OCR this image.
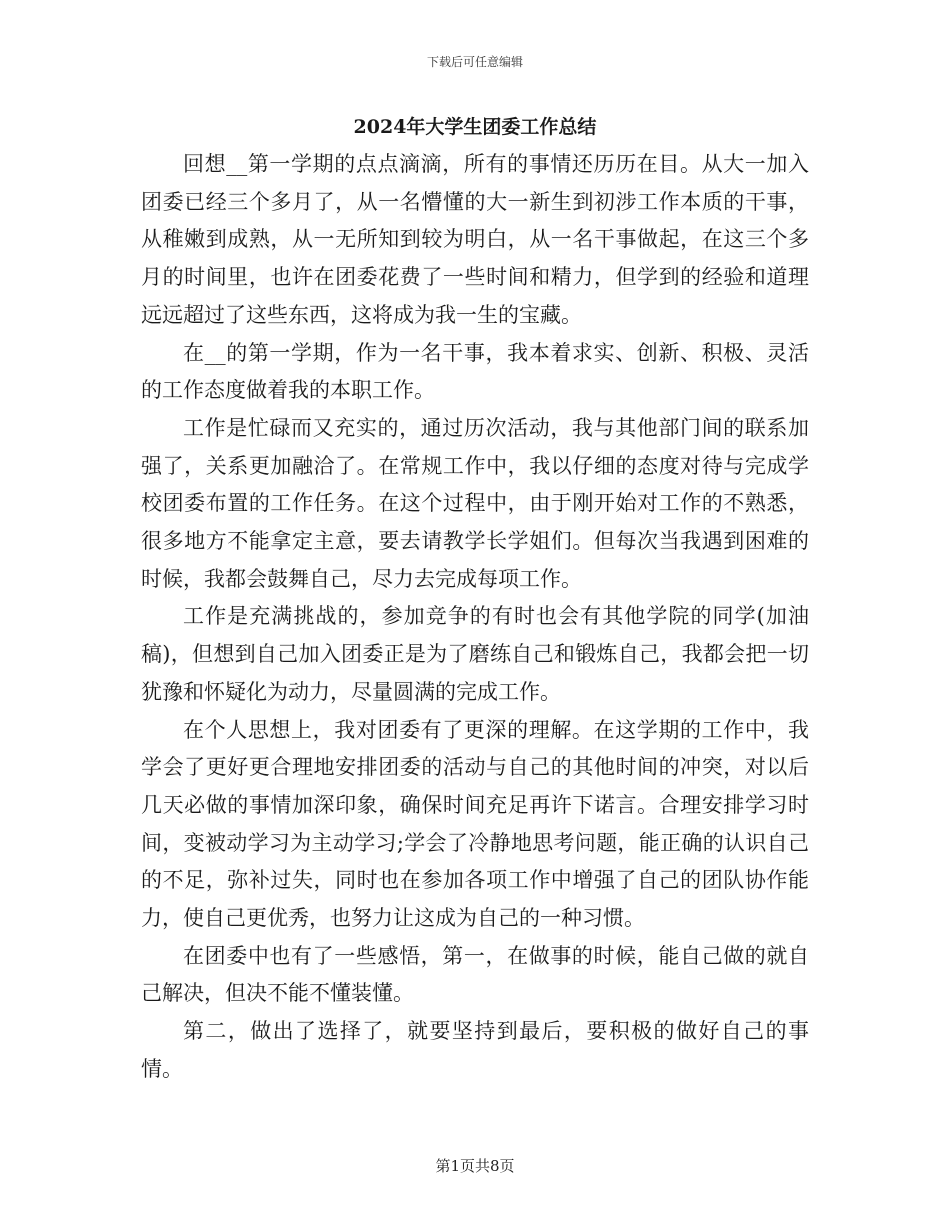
下载后可任意编辑
2024年大学生团委工作总结

回想__第一学期的点点滴滴，所有的事情还历历在目。从大一加入团委已经三个多月了，从一名懵懂的大一新生到初涉工作本质的干事，从稚嫩到成熟，从一无所知到较为明白，从一名干事做起，在这三个多月的时间里，也许在团委花费了一些时间和精力，但学到的经验和道理远远超过了这些东西，这将成为我一生的宝藏。

在__的第一学期，作为一名干事，我本着求实、创新、积极、灵活的工作态度做着我的本职工作。

工作是忙碌而又充实的，通过历次活动，我与其他部门间的联系加强了，关系更加融洽了。在常规工作中，我以仔细的态度对待与完成学校团委布置的工作任务。在这个过程中，由于刚开始对工作的不熟悉，很多地方不能拿定主意，要去请教学长学姐们。但每次当我遇到困难的时候，我都会鼓舞自己，尽力去完成每项工作。

工作是充满挑战的，参加竞争的有时也会有其他学院的同学(加油稿)，但想到自己加入团委正是为了磨练自己和锻炼自己，我都会把一切犹豫和怀疑化为动力，尽量圆满的完成工作。

在个人思想上，我对团委有了更深的理解。在这学期的工作中，我学会了更好更合理地安排团委的活动与自己的其他时间的冲突，对以后几天必做的事情加深印象，确保时间充足再许下诺言。合理安排学习时间，变被动学习为主动学习;学会了冷静地思考问题，能正确的认识自己的不足，弥补过失，同时也在参加各项工作中增强了自己的团队协作能力，使自己更优秀，也努力让这成为自己的一种习惯。

在团委中也有了一些感悟，第一，在做事的时候，能自己做的就自己解决，但决不能不懂装懂。

第二，做出了选择了，就要坚持到最后，要积极的做好自己的事情。

第1页共8页
